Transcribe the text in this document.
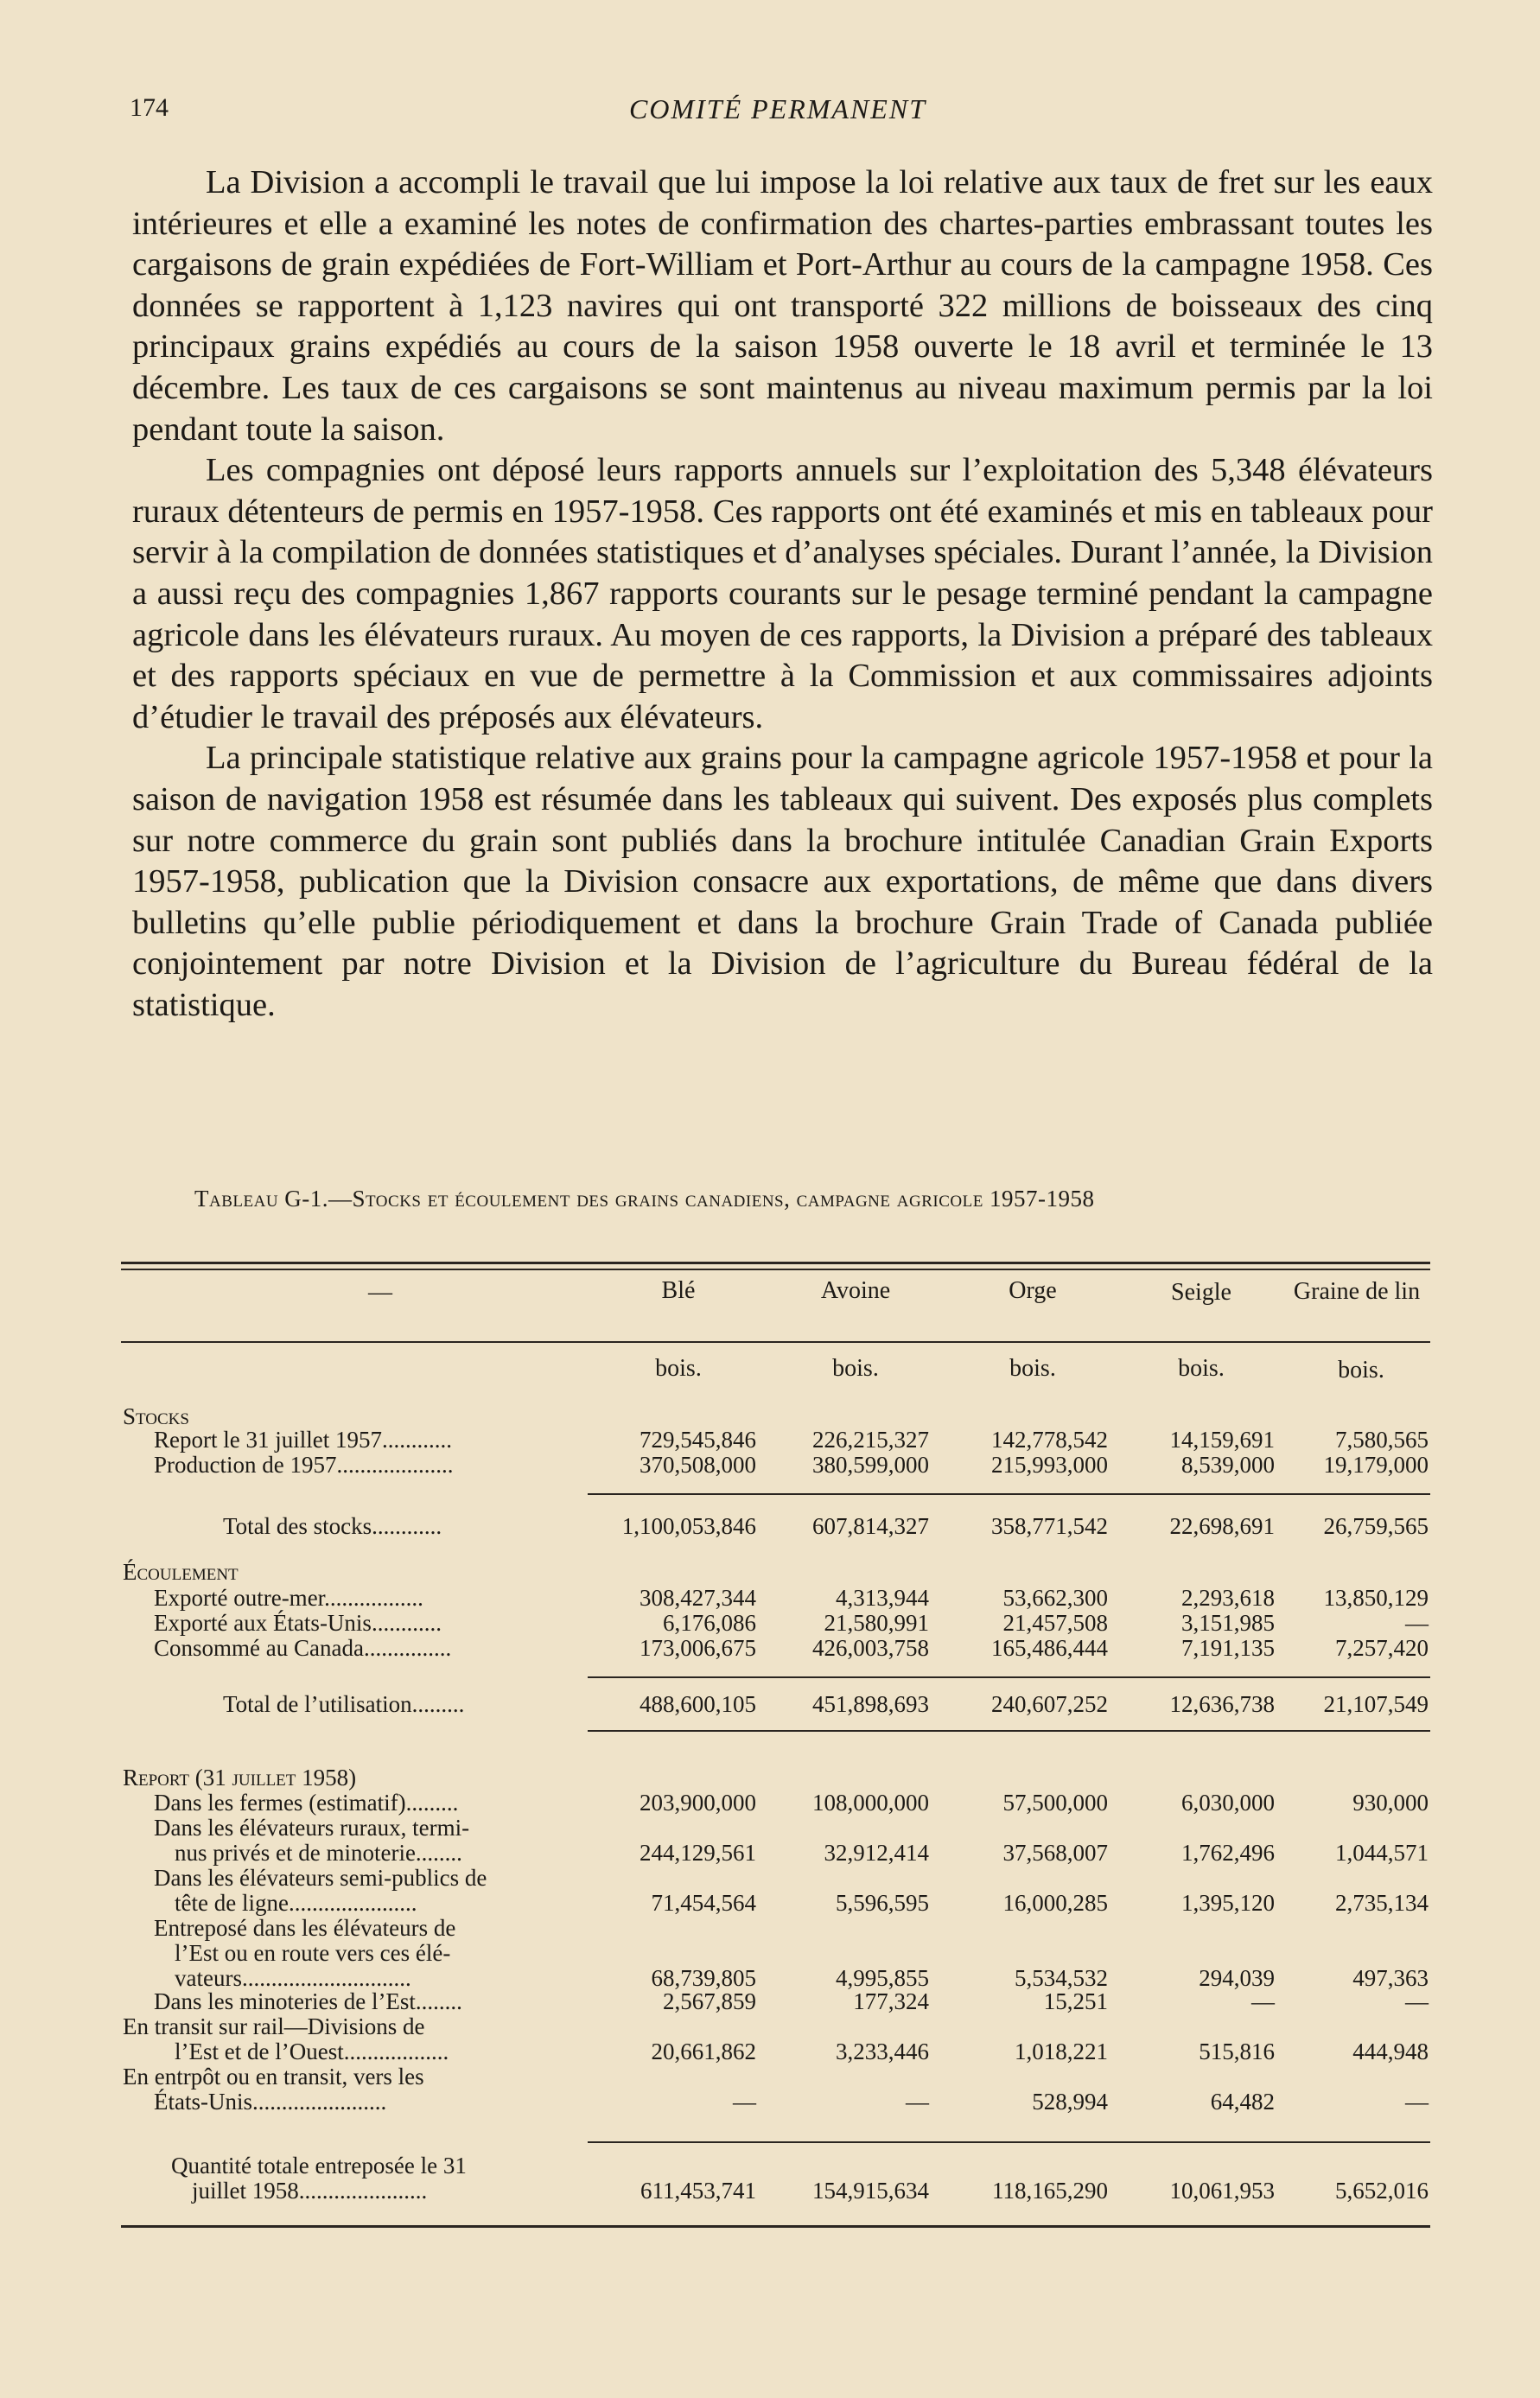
174	COMITÉ PERMANENT

La Division a accompli le travail que lui impose la loi relative aux taux de fret sur les eaux intérieures et elle a examiné les notes de confirmation des chartes-parties embrassant toutes les cargaisons de grain expédiées de Fort-William et Port-Arthur au cours de la campagne 1958. Ces données se rapportent à 1,123 navires qui ont transporté 322 millions de boisseaux des cinq principaux grains expédiés au cours de la saison 1958 ouverte le 18 avril et terminée le 13 décembre. Les taux de ces cargaisons se sont maintenus au niveau maximum permis par la loi pendant toute la saison.

Les compagnies ont déposé leurs rapports annuels sur l’exploitation des 5,348 élévateurs ruraux détenteurs de permis en 1957-1958. Ces rapports ont été examinés et mis en tableaux pour servir à la compilation de données statistiques et d’analyses spéciales. Durant l’année, la Division a aussi reçu des compagnies 1,867 rapports courants sur le pesage terminé pendant la campagne agricole dans les élévateurs ruraux. Au moyen de ces rapports, la Division a préparé des tableaux et des rapports spéciaux en vue de permettre à la Commission et aux commissaires adjoints d’étudier le travail des préposés aux élévateurs.

La principale statistique relative aux grains pour la campagne agricole 1957-1958 et pour la saison de navigation 1958 est résumée dans les tableaux qui suivent. Des exposés plus complets sur notre commerce du grain sont publiés dans la brochure intitulée Canadian Grain Exports 1957-1958, publication que la Division consacre aux exportations, de même que dans divers bulletins qu’elle publie périodiquement et dans la brochure Grain Trade of Canada publiée conjointement par notre Division et la Division de l’agriculture du Bureau fédéral de la statistique.

Tableau G-1.—Stocks et écoulement des grains canadiens, campagne agricole 1957-1958
—	Blé	Avoine	Orge	Seigle	Graine de lin
bois.	bois.	bois.	bois.	bois.
Stocks
Report le 31 juillet 1957............	729,545,846	226,215,327	142,778,542	14,159,691	7,580,565
Production de 1957....................	370,508,000	380,599,000	215,993,000	8,539,000	19,179,000
Total des stocks............	1,100,053,846	607,814,327	358,771,542	22,698,691	26,759,565
Écoulement
Exporté outre-mer.................	308,427,344	4,313,944	53,662,300	2,293,618	13,850,129
Exporté aux États-Unis............	6,176,086	21,580,991	21,457,508	3,151,985	—
Consommé au Canada...............	173,006,675	426,003,758	165,486,444	7,191,135	7,257,420
Total de l’utilisation.........	488,600,105	451,898,693	240,607,252	12,636,738	21,107,549
Report (31 juillet 1958)
Dans les fermes (estimatif).........	203,900,000	108,000,000	57,500,000	6,030,000	930,000
Dans les élévateurs ruraux, termi-
nus privés et de minoterie........	244,129,561	32,912,414	37,568,007	1,762,496	1,044,571
Dans les élévateurs semi-publics de
tête de ligne......................	71,454,564	5,596,595	16,000,285	1,395,120	2,735,134
Entreposé dans les élévateurs de
l’Est ou en route vers ces élé-
vateurs.............................	68,739,805	4,995,855	5,534,532	294,039	497,363
Dans les minoteries de l’Est........	2,567,859	177,324	15,251	—	—
En transit sur rail—Divisions de
l’Est et de l’Ouest..................	20,661,862	3,233,446	1,018,221	515,816	444,948
En entrpôt ou en transit, vers les
États-Unis.......................	—	—	528,994	64,482	—
Quantité totale entreposée le 31
juillet 1958......................	611,453,741	154,915,634	118,165,290	10,061,953	5,652,016
